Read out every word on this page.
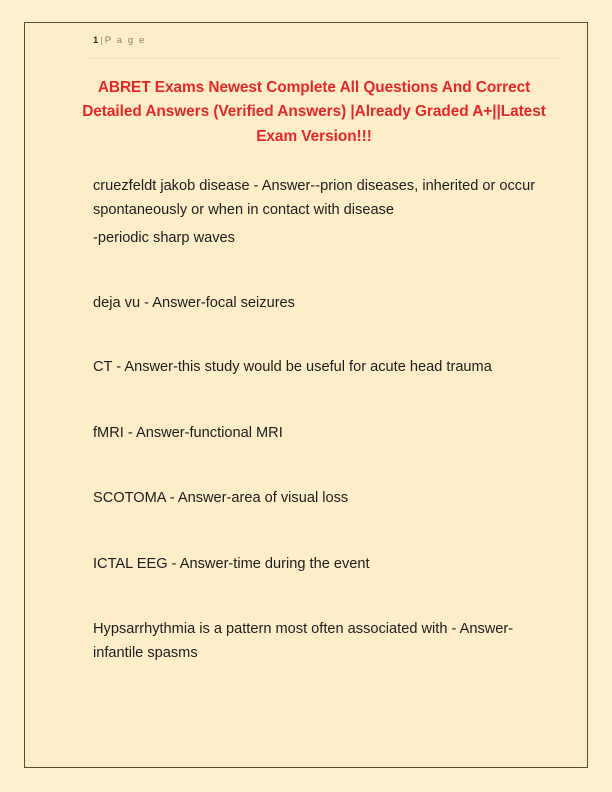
1 | P a g e
ABRET Exams Newest Complete All Questions And Correct Detailed Answers (Verified Answers) |Already Graded A+||Latest Exam Version!!!

cruezfeldt jakob disease - Answer--prion diseases, inherited or occur spontaneously or when in contact with disease

-periodic sharp waves

deja vu - Answer-focal seizures

CT - Answer-this study would be useful for acute head trauma

fMRI - Answer-functional MRI

SCOTOMA - Answer-area of visual loss

ICTAL EEG - Answer-time during the event

Hypsarrhythmia is a pattern most often associated with - Answer-infantile spasms
